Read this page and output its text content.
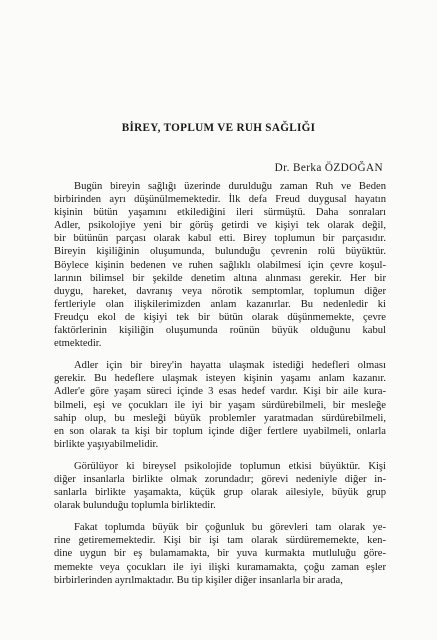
BİREY, TOPLUM VE RUH SAĞLIĞI
Dr. Berka ÖZDOĞAN
Bugün bireyin sağlığı üzerinde durulduğu zaman Ruh ve Beden
birbirinden ayrı düşünülmemektedir. İlk defa Freud duygusal hayatın
kişinin bütün yaşamını etkilediğini ileri sürmüştü. Daha sonraları
Adler, psikolojiye yeni bir görüş getirdi ve kişiyi tek olarak değil,
bir bütünün parçası olarak kabul etti. Birey toplumun bir parçasıdır.
Bireyin kişiliğinin oluşumunda, bulunduğu çevrenin rolü büyüktür.
Böylece kişinin bedenen ve ruhen sağlıklı olabilmesi için çevre koşul-
larının bilimsel bir şekilde denetim altına alınması gerekir. Her bir
duygu, hareket, davranış veya nörotik semptomlar, toplumun diğer
fertleriyle olan ilişkilerimizden anlam kazanırlar. Bu nedenledir ki
Freudçu ekol de kişiyi tek bir bütün olarak düşünmemekte, çevre
faktörlerinin kişiliğin oluşumunda roünün büyük olduğunu kabul
etmektedir.
Adler için bir birey'in hayatta ulaşmak istediği hedefleri olması
gerekir. Bu hedeflere ulaşmak isteyen kişinin yaşamı anlam kazanır.
Adler'e göre yaşam süreci içinde 3 esas hedef vardır. Kişi bir aile kura-
bilmeli, eşi ve çocukları ile iyi bir yaşam sürdürebilmeli, bir mesleğe
sahip olup, bu mesleği büyük problemler yaratmadan sürdürebilmeli,
en son olarak ta kişi bir toplum içinde diğer fertlere uyabilmeli, onlarla
birlikte yaşıyabilmelidir.
Görülüyor ki bireysel psikolojide toplumun etkisi büyüktür. Kişi
diğer insanlarla birlikte olmak zorundadır; görevi nedeniyle diğer in-
sanlarla birlikte yaşamakta, küçük grup olarak ailesiyle, büyük grup
olarak bulunduğu toplumla birliktedir.
Fakat toplumda büyük bir çoğunluk bu görevleri tam olarak ye-
rine getirememektedir. Kişi bir işi tam olarak sürdürememekte, ken-
dine uygun bir eş bulamamakta, bir yuva kurmakta mutluluğu göre-
memekte veya çocukları ile iyi ilişki kuramamakta, çoğu zaman eşler
birbirlerinden ayrılmaktadır. Bu tip kişiler diğer insanlarla bir arada,
